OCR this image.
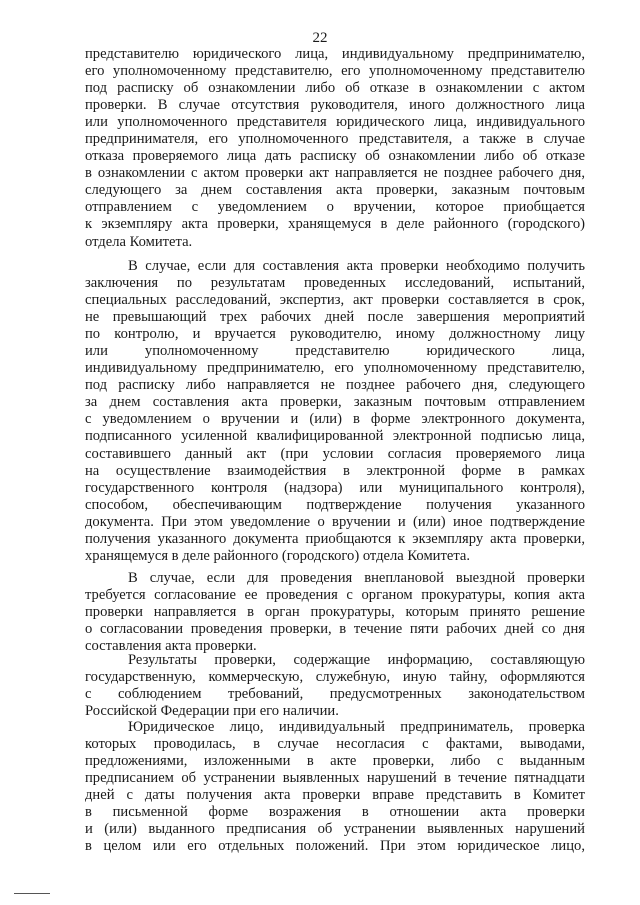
22
представителю юридического лица, индивидуальному предпринимателю,
его уполномоченному представителю, его уполномоченному представителю
под расписку об ознакомлении либо об отказе в ознакомлении с актом
проверки. В случае отсутствия руководителя, иного должностного лица
или уполномоченного представителя юридического лица, индивидуального
предпринимателя, его уполномоченного представителя, а также в случае
отказа проверяемого лица дать расписку об ознакомлении либо об отказе
в ознакомлении с актом проверки акт направляется не позднее рабочего дня,
следующего за днем составления акта проверки, заказным почтовым
отправлением с уведомлением о вручении, которое приобщается
к экземпляру акта проверки, хранящемуся в деле районного (городского)
отдела Комитета.
В случае, если для составления акта проверки необходимо получить
заключения по результатам проведенных исследований, испытаний,
специальных расследований, экспертиз, акт проверки составляется в срок,
не превышающий трех рабочих дней после завершения мероприятий
по контролю, и вручается руководителю, иному должностному лицу
или уполномоченному представителю юридического лица,
индивидуальному предпринимателю, его уполномоченному представителю,
под расписку либо направляется не позднее рабочего дня, следующего
за днем составления акта проверки, заказным почтовым отправлением
с уведомлением о вручении и (или) в форме электронного документа,
подписанного усиленной квалифицированной электронной подписью лица,
составившего данный акт (при условии согласия проверяемого лица
на осуществление взаимодействия в электронной форме в рамках
государственного контроля (надзора) или муниципального контроля),
способом, обеспечивающим подтверждение получения указанного
документа. При этом уведомление о вручении и (или) иное подтверждение
получения указанного документа приобщаются к экземпляру акта проверки,
хранящемуся в деле районного (городского) отдела Комитета.
В случае, если для проведения внеплановой выездной проверки
требуется согласование ее проведения с органом прокуратуры, копия акта
проверки направляется в орган прокуратуры, которым принято решение
о согласовании проведения проверки, в течение пяти рабочих дней со дня
составления акта проверки.
Результаты проверки, содержащие информацию, составляющую
государственную, коммерческую, служебную, иную тайну, оформляются
с соблюдением требований, предусмотренных законодательством
Российской Федерации при его наличии.
Юридическое лицо, индивидуальный предприниматель, проверка
которых проводилась, в случае несогласия с фактами, выводами,
предложениями, изложенными в акте проверки, либо с выданным
предписанием об устранении выявленных нарушений в течение пятнадцати
дней с даты получения акта проверки вправе представить в Комитет
в письменной форме возражения в отношении акта проверки
и (или) выданного предписания об устранении выявленных нарушений
в целом или его отдельных положений. При этом юридическое лицо,
